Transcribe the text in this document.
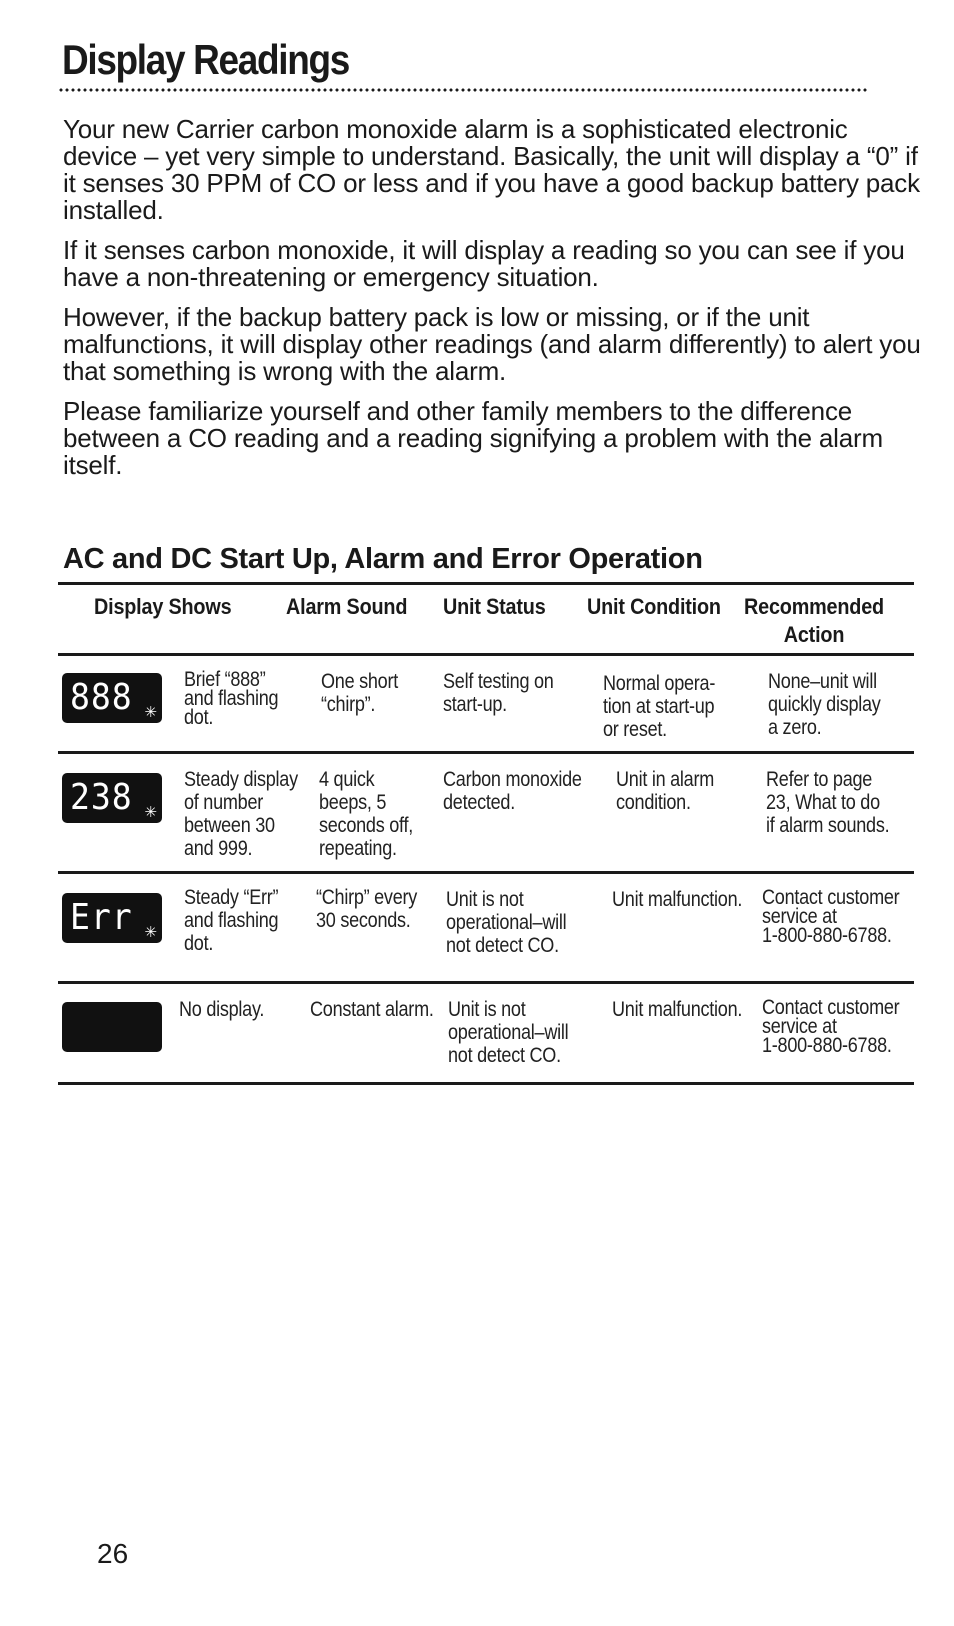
Display Readings

Your new Carrier carbon monoxide alarm is a sophisticated electronic device – yet very simple to understand. Basically, the unit will display a “0” if it senses 30 PPM of CO or less and if you have a good backup battery pack installed.

If it senses carbon monoxide, it will display a reading so you can see if you have a non-threatening or emergency situation.

However, if the backup battery pack is low or missing, or if the unit malfunctions, it will display other readings (and alarm differently) to alert you that something is wrong with the alarm.

Please familiarize yourself and other family members to the difference between a CO reading and a reading signifying a problem with the alarm itself.

AC and DC Start Up, Alarm and Error Operation
Display Shows Alarm Sound Unit Status Unit Condition Recommended
Action
888 ✳
Brief “888”
and flashing
dot.
One short
“chirp”.
Self testing on
start-up.
Normal opera-
tion at start-up
or reset.
None–unit will
quickly display
a zero.
238 ✳
Steady display
of number
between 30
and 999.
4 quick
beeps, 5
seconds off,
repeating.
Carbon monoxide
detected.
Unit in alarm
condition.
Refer to page
23, What to do
if alarm sounds.
Err ✳
Steady “Err”
and flashing
dot.
“Chirp” every
30 seconds.
Unit is not
operational–will
not detect CO.
Unit malfunction. Contact customer
service at
1-800-880-6788.
No display. Constant alarm. Unit is not
operational–will
not detect CO.
Unit malfunction. Contact customer
service at
1-800-880-6788.
26
